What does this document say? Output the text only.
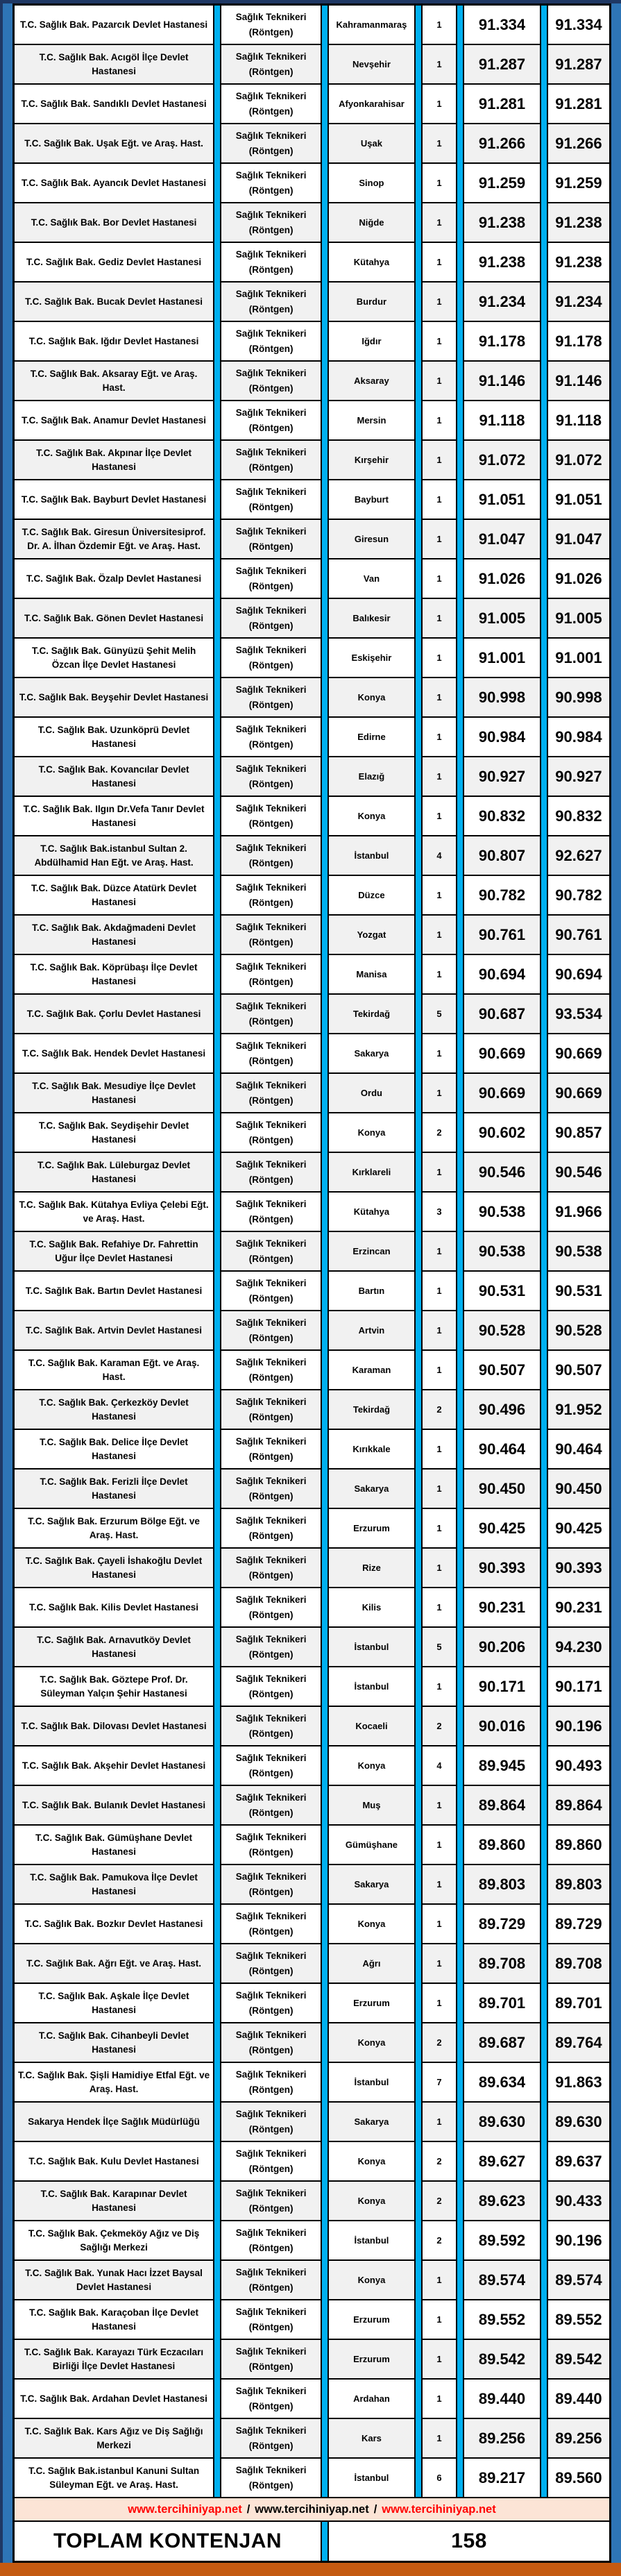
T.C. Sağlık Bak. Pazarcık Devlet Hastanesi		Sağlık Teknikeri (Röntgen)		Kahramanmaraş		1		91.334		91.334
T.C. Sağlık Bak. Acıgöl İlçe Devlet Hastanesi		Sağlık Teknikeri (Röntgen)		Nevşehir		1		91.287		91.287
T.C. Sağlık Bak. Sandıklı Devlet Hastanesi		Sağlık Teknikeri (Röntgen)		Afyonkarahisar		1		91.281		91.281
T.C. Sağlık Bak. Uşak Eğt. ve Araş. Hast.		Sağlık Teknikeri (Röntgen)		Uşak		1		91.266		91.266
T.C. Sağlık Bak. Ayancık Devlet Hastanesi		Sağlık Teknikeri (Röntgen)		Sinop		1		91.259		91.259
T.C. Sağlık Bak. Bor Devlet Hastanesi		Sağlık Teknikeri (Röntgen)		Niğde		1		91.238		91.238
T.C. Sağlık Bak. Gediz Devlet Hastanesi		Sağlık Teknikeri (Röntgen)		Kütahya		1		91.238		91.238
T.C. Sağlık Bak. Bucak Devlet Hastanesi		Sağlık Teknikeri (Röntgen)		Burdur		1		91.234		91.234
T.C. Sağlık Bak. Iğdır Devlet Hastanesi		Sağlık Teknikeri (Röntgen)		Iğdır		1		91.178		91.178
T.C. Sağlık Bak. Aksaray Eğt. ve Araş. Hast.		Sağlık Teknikeri (Röntgen)		Aksaray		1		91.146		91.146
T.C. Sağlık Bak. Anamur Devlet Hastanesi		Sağlık Teknikeri (Röntgen)		Mersin		1		91.118		91.118
T.C. Sağlık Bak. Akpınar İlçe Devlet Hastanesi		Sağlık Teknikeri (Röntgen)		Kırşehir		1		91.072		91.072
T.C. Sağlık Bak. Bayburt Devlet Hastanesi		Sağlık Teknikeri (Röntgen)		Bayburt		1		91.051		91.051
T.C. Sağlık Bak. Giresun Üniversitesiprof. Dr. A. İlhan Özdemir Eğt. ve Araş. Hast.		Sağlık Teknikeri (Röntgen)		Giresun		1		91.047		91.047
T.C. Sağlık Bak. Özalp Devlet Hastanesi		Sağlık Teknikeri (Röntgen)		Van		1		91.026		91.026
T.C. Sağlık Bak. Gönen Devlet Hastanesi		Sağlık Teknikeri (Röntgen)		Balıkesir		1		91.005		91.005
T.C. Sağlık Bak. Günyüzü Şehit Melih Özcan İlçe Devlet Hastanesi		Sağlık Teknikeri (Röntgen)		Eskişehir		1		91.001		91.001
T.C. Sağlık Bak. Beyşehir Devlet Hastanesi		Sağlık Teknikeri (Röntgen)		Konya		1		90.998		90.998
T.C. Sağlık Bak. Uzunköprü Devlet Hastanesi		Sağlık Teknikeri (Röntgen)		Edirne		1		90.984		90.984
T.C. Sağlık Bak. Kovancılar Devlet Hastanesi		Sağlık Teknikeri (Röntgen)		Elazığ		1		90.927		90.927
T.C. Sağlık Bak. Ilgın Dr.Vefa Tanır Devlet Hastanesi		Sağlık Teknikeri (Röntgen)		Konya		1		90.832		90.832
T.C. Sağlık Bak.istanbul Sultan 2. Abdülhamid Han Eğt. ve Araş. Hast.		Sağlık Teknikeri (Röntgen)		İstanbul		4		90.807		92.627
T.C. Sağlık Bak. Düzce Atatürk Devlet Hastanesi		Sağlık Teknikeri (Röntgen)		Düzce		1		90.782		90.782
T.C. Sağlık Bak. Akdağmadeni Devlet Hastanesi		Sağlık Teknikeri (Röntgen)		Yozgat		1		90.761		90.761
T.C. Sağlık Bak. Köprübaşı İlçe Devlet Hastanesi		Sağlık Teknikeri (Röntgen)		Manisa		1		90.694		90.694
T.C. Sağlık Bak. Çorlu Devlet Hastanesi		Sağlık Teknikeri (Röntgen)		Tekirdağ		5		90.687		93.534
T.C. Sağlık Bak. Hendek Devlet Hastanesi		Sağlık Teknikeri (Röntgen)		Sakarya		1		90.669		90.669
T.C. Sağlık Bak. Mesudiye İlçe Devlet Hastanesi		Sağlık Teknikeri (Röntgen)		Ordu		1		90.669		90.669
T.C. Sağlık Bak. Seydişehir Devlet Hastanesi		Sağlık Teknikeri (Röntgen)		Konya		2		90.602		90.857
T.C. Sağlık Bak. Lüleburgaz Devlet Hastanesi		Sağlık Teknikeri (Röntgen)		Kırklareli		1		90.546		90.546
T.C. Sağlık Bak. Kütahya Evliya Çelebi Eğt. ve Araş. Hast.		Sağlık Teknikeri (Röntgen)		Kütahya		3		90.538		91.966
T.C. Sağlık Bak. Refahiye Dr. Fahrettin Uğur İlçe Devlet Hastanesi		Sağlık Teknikeri (Röntgen)		Erzincan		1		90.538		90.538
T.C. Sağlık Bak. Bartın Devlet Hastanesi		Sağlık Teknikeri (Röntgen)		Bartın		1		90.531		90.531
T.C. Sağlık Bak. Artvin Devlet Hastanesi		Sağlık Teknikeri (Röntgen)		Artvin		1		90.528		90.528
T.C. Sağlık Bak. Karaman Eğt. ve Araş. Hast.		Sağlık Teknikeri (Röntgen)		Karaman		1		90.507		90.507
T.C. Sağlık Bak. Çerkezköy Devlet Hastanesi		Sağlık Teknikeri (Röntgen)		Tekirdağ		2		90.496		91.952
T.C. Sağlık Bak. Delice İlçe Devlet Hastanesi		Sağlık Teknikeri (Röntgen)		Kırıkkale		1		90.464		90.464
T.C. Sağlık Bak. Ferizli İlçe Devlet Hastanesi		Sağlık Teknikeri (Röntgen)		Sakarya		1		90.450		90.450
T.C. Sağlık Bak. Erzurum Bölge Eğt. ve Araş. Hast.		Sağlık Teknikeri (Röntgen)		Erzurum		1		90.425		90.425
T.C. Sağlık Bak. Çayeli İshakoğlu Devlet Hastanesi		Sağlık Teknikeri (Röntgen)		Rize		1		90.393		90.393
T.C. Sağlık Bak. Kilis Devlet Hastanesi		Sağlık Teknikeri (Röntgen)		Kilis		1		90.231		90.231
T.C. Sağlık Bak. Arnavutköy Devlet Hastanesi		Sağlık Teknikeri (Röntgen)		İstanbul		5		90.206		94.230
T.C. Sağlık Bak. Göztepe Prof. Dr. Süleyman Yalçın Şehir Hastanesi		Sağlık Teknikeri (Röntgen)		İstanbul		1		90.171		90.171
T.C. Sağlık Bak. Dilovası Devlet Hastanesi		Sağlık Teknikeri (Röntgen)		Kocaeli		2		90.016		90.196
T.C. Sağlık Bak. Akşehir Devlet Hastanesi		Sağlık Teknikeri (Röntgen)		Konya		4		89.945		90.493
T.C. Sağlık Bak. Bulanık Devlet Hastanesi		Sağlık Teknikeri (Röntgen)		Muş		1		89.864		89.864
T.C. Sağlık Bak. Gümüşhane Devlet Hastanesi		Sağlık Teknikeri (Röntgen)		Gümüşhane		1		89.860		89.860
T.C. Sağlık Bak. Pamukova İlçe Devlet Hastanesi		Sağlık Teknikeri (Röntgen)		Sakarya		1		89.803		89.803
T.C. Sağlık Bak. Bozkır Devlet Hastanesi		Sağlık Teknikeri (Röntgen)		Konya		1		89.729		89.729
T.C. Sağlık Bak. Ağrı Eğt. ve Araş. Hast.		Sağlık Teknikeri (Röntgen)		Ağrı		1		89.708		89.708
T.C. Sağlık Bak. Aşkale İlçe Devlet Hastanesi		Sağlık Teknikeri (Röntgen)		Erzurum		1		89.701		89.701
T.C. Sağlık Bak. Cihanbeyli Devlet Hastanesi		Sağlık Teknikeri (Röntgen)		Konya		2		89.687		89.764
T.C. Sağlık Bak. Şişli Hamidiye Etfal Eğt. ve Araş. Hast.		Sağlık Teknikeri (Röntgen)		İstanbul		7		89.634		91.863
Sakarya Hendek İlçe Sağlık Müdürlüğü		Sağlık Teknikeri (Röntgen)		Sakarya		1		89.630		89.630
T.C. Sağlık Bak. Kulu Devlet Hastanesi		Sağlık Teknikeri (Röntgen)		Konya		2		89.627		89.637
T.C. Sağlık Bak. Karapınar Devlet Hastanesi		Sağlık Teknikeri (Röntgen)		Konya		2		89.623		90.433
T.C. Sağlık Bak. Çekmeköy Ağız ve Diş Sağlığı Merkezi		Sağlık Teknikeri (Röntgen)		İstanbul		2		89.592		90.196
T.C. Sağlık Bak. Yunak Hacı İzzet Baysal Devlet Hastanesi		Sağlık Teknikeri (Röntgen)		Konya		1		89.574		89.574
T.C. Sağlık Bak. Karaçoban İlçe Devlet Hastanesi		Sağlık Teknikeri (Röntgen)		Erzurum		1		89.552		89.552
T.C. Sağlık Bak. Karayazı Türk Eczacıları Birliği İlçe Devlet Hastanesi		Sağlık Teknikeri (Röntgen)		Erzurum		1		89.542		89.542
T.C. Sağlık Bak. Ardahan Devlet Hastanesi		Sağlık Teknikeri (Röntgen)		Ardahan		1		89.440		89.440
T.C. Sağlık Bak. Kars Ağız ve Diş Sağlığı Merkezi		Sağlık Teknikeri (Röntgen)		Kars		1		89.256		89.256
T.C. Sağlık Bak.istanbul Kanuni Sultan Süleyman Eğt. ve Araş. Hast.		Sağlık Teknikeri (Röntgen)		İstanbul		6		89.217		89.560
www.tercihiniyap.net / www.tercihiniyap.net / www.tercihiniyap.net										
TOPLAM KONTENJAN				158						
